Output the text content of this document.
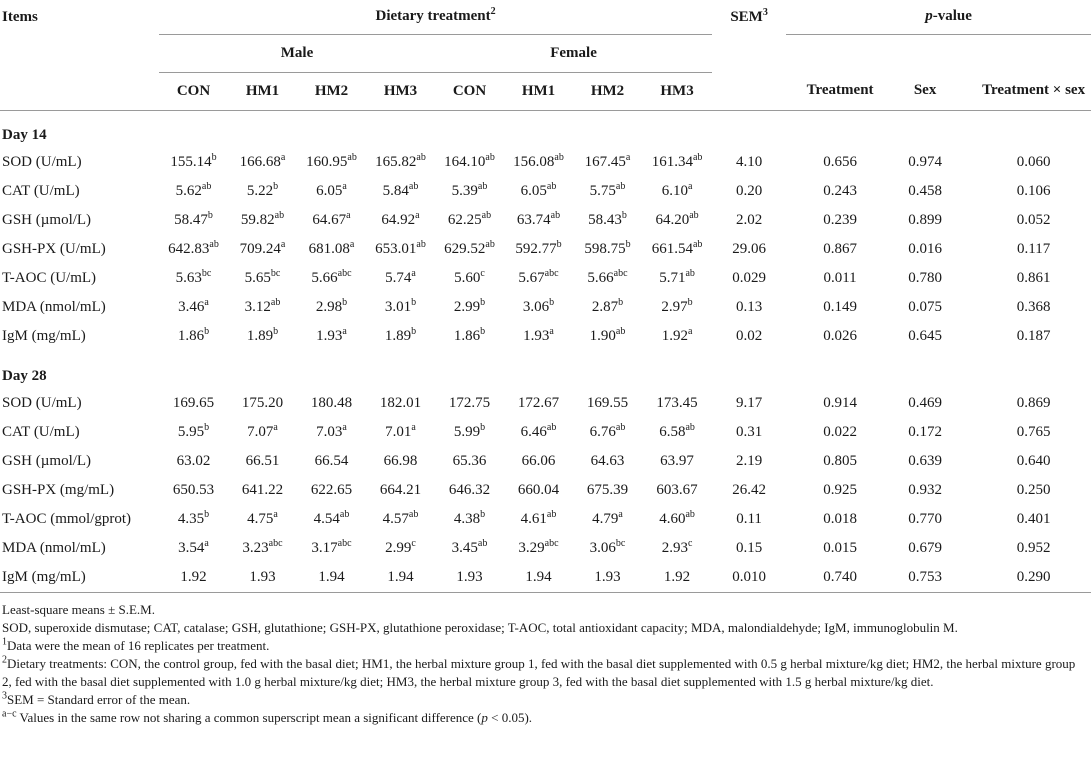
Items	Dietary treatment$^2$								SEM$^3$	p-value		
	Male				Female							
	CON	HM1	HM2	HM3	CON	HM1	HM2	HM3		Treatment	Sex	Treatment × sex
Day 14												
SOD (U/mL)	155.14$^b$	166.68$^a$	160.95$^{ab}$	165.82$^{ab}$	164.10$^{ab}$	156.08$^{ab}$	167.45$^a$	161.34$^{ab}$	4.10	0.656	0.974	0.060
CAT (U/mL)	5.62$^{ab}$	5.22$^b$	6.05$^a$	5.84$^{ab}$	5.39$^{ab}$	6.05$^{ab}$	5.75$^{ab}$	6.10$^a$	0.20	0.243	0.458	0.106
GSH (µmol/L)	58.47$^b$	59.82$^{ab}$	64.67$^a$	64.92$^a$	62.25$^{ab}$	63.74$^{ab}$	58.43$^b$	64.20$^{ab}$	2.02	0.239	0.899	0.052
GSH-PX (U/mL)	642.83$^{ab}$	709.24$^a$	681.08$^a$	653.01$^{ab}$	629.52$^{ab}$	592.77$^b$	598.75$^b$	661.54$^{ab}$	29.06	0.867	0.016	0.117
T-AOC (U/mL)	5.63$^{bc}$	5.65$^{bc}$	5.66$^{abc}$	5.74$^a$	5.60$^c$	5.67$^{abc}$	5.66$^{abc}$	5.71$^{ab}$	0.029	0.011	0.780	0.861
MDA (nmol/mL)	3.46$^a$	3.12$^{ab}$	2.98$^b$	3.01$^b$	2.99$^b$	3.06$^b$	2.87$^b$	2.97$^b$	0.13	0.149	0.075	0.368
IgM (mg/mL)	1.86$^b$	1.89$^b$	1.93$^a$	1.89$^b$	1.86$^b$	1.93$^a$	1.90$^{ab}$	1.92$^a$	0.02	0.026	0.645	0.187
Day 28												
SOD (U/mL)	169.65	175.20	180.48	182.01	172.75	172.67	169.55	173.45	9.17	0.914	0.469	0.869
CAT (U/mL)	5.95$^b$	7.07$^a$	7.03$^a$	7.01$^a$	5.99$^b$	6.46$^{ab}$	6.76$^{ab}$	6.58$^{ab}$	0.31	0.022	0.172	0.765
GSH (µmol/L)	63.02	66.51	66.54	66.98	65.36	66.06	64.63	63.97	2.19	0.805	0.639	0.640
GSH-PX (mg/mL)	650.53	641.22	622.65	664.21	646.32	660.04	675.39	603.67	26.42	0.925	0.932	0.250
T-AOC (mmol/gprot)	4.35$^b$	4.75$^a$	4.54$^{ab}$	4.57$^{ab}$	4.38$^b$	4.61$^{ab}$	4.79$^a$	4.60$^{ab}$	0.11	0.018	0.770	0.401
MDA (nmol/mL)	3.54$^a$	3.23$^{abc}$	3.17$^{abc}$	2.99$^c$	3.45$^{ab}$	3.29$^{abc}$	3.06$^{bc}$	2.93$^c$	0.15	0.015	0.679	0.952
IgM (mg/mL)	1.92	1.93	1.94	1.94	1.93	1.94	1.93	1.92	0.010	0.740	0.753	0.290

Least-square means ± S.E.M.

SOD, superoxide dismutase; CAT, catalase; GSH, glutathione; GSH-PX, glutathione peroxidase; T-AOC, total antioxidant capacity; MDA, malondialdehyde; IgM, immunoglobulin M.

$^1$Data were the mean of 16 replicates per treatment.

$^2$Dietary treatments: CON, the control group, fed with the basal diet; HM1, the herbal mixture group 1, fed with the basal diet supplemented with 0.5 g herbal mixture/kg diet; HM2, the herbal mixture group 2, fed with the basal diet supplemented with 1.0 g herbal mixture/kg diet; HM3, the herbal mixture group 3, fed with the basal diet supplemented with 1.5 g herbal mixture/kg diet.

$^3$SEM = Standard error of the mean.

$^{a-c}$ Values in the same row not sharing a common superscript mean a significant difference (p < 0.05).
